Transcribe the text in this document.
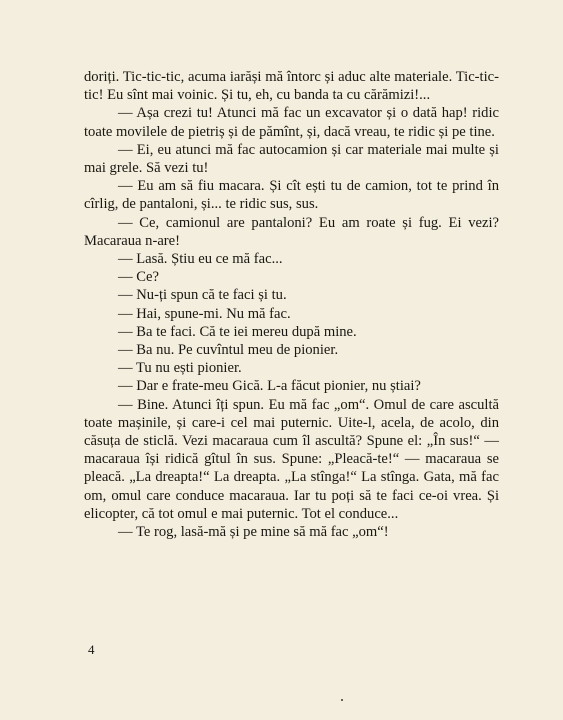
doriți. Tic-tic-tic, acuma iarăși mă întorc și aduc alte materiale. Tic-tic-tic! Eu sînt mai voinic. Și tu, eh, cu banda ta cu cărămizi!...

— Așa crezi tu! Atunci mă fac un excavator și o dată hap! ridic toate movilele de pietriș și de pămînt, și, dacă vreau, te ridic și pe tine.

— Ei, eu atunci mă fac autocamion și car materiale mai multe și mai grele. Să vezi tu!

— Eu am să fiu macara. Și cît ești tu de camion, tot te prind în cîrlig, de pantaloni, și... te ridic sus, sus.

— Ce, camionul are pantaloni? Eu am roate și fug. Ei vezi? Macaraua n-are!

— Lasă. Știu eu ce mă fac...

— Ce?

— Nu-ți spun că te faci și tu.

— Hai, spune-mi. Nu mă fac.

— Ba te faci. Că te iei mereu după mine.

— Ba nu. Pe cuvîntul meu de pionier.

— Tu nu ești pionier.

— Dar e frate-meu Gică. L-a făcut pionier, nu știai?

— Bine. Atunci îți spun. Eu mă fac „om“. Omul de care ascultă toate mașinile, și care-i cel mai puternic. Uite-l, acela, de acolo, din căsuța de sticlă. Vezi macaraua cum îl ascultă? Spune el: „În sus!“ — macaraua își ridică gîtul în sus. Spune: „Pleacă-te!“ — macaraua se pleacă. „La dreapta!“ La dreapta. „La stînga!“ La stînga. Gata, mă fac om, omul care conduce macaraua. Iar tu poți să te faci ce-oi vrea. Și elicopter, că tot omul e mai puternic. Tot el conduce...

— Te rog, lasă-mă și pe mine să mă fac „om“!

4
